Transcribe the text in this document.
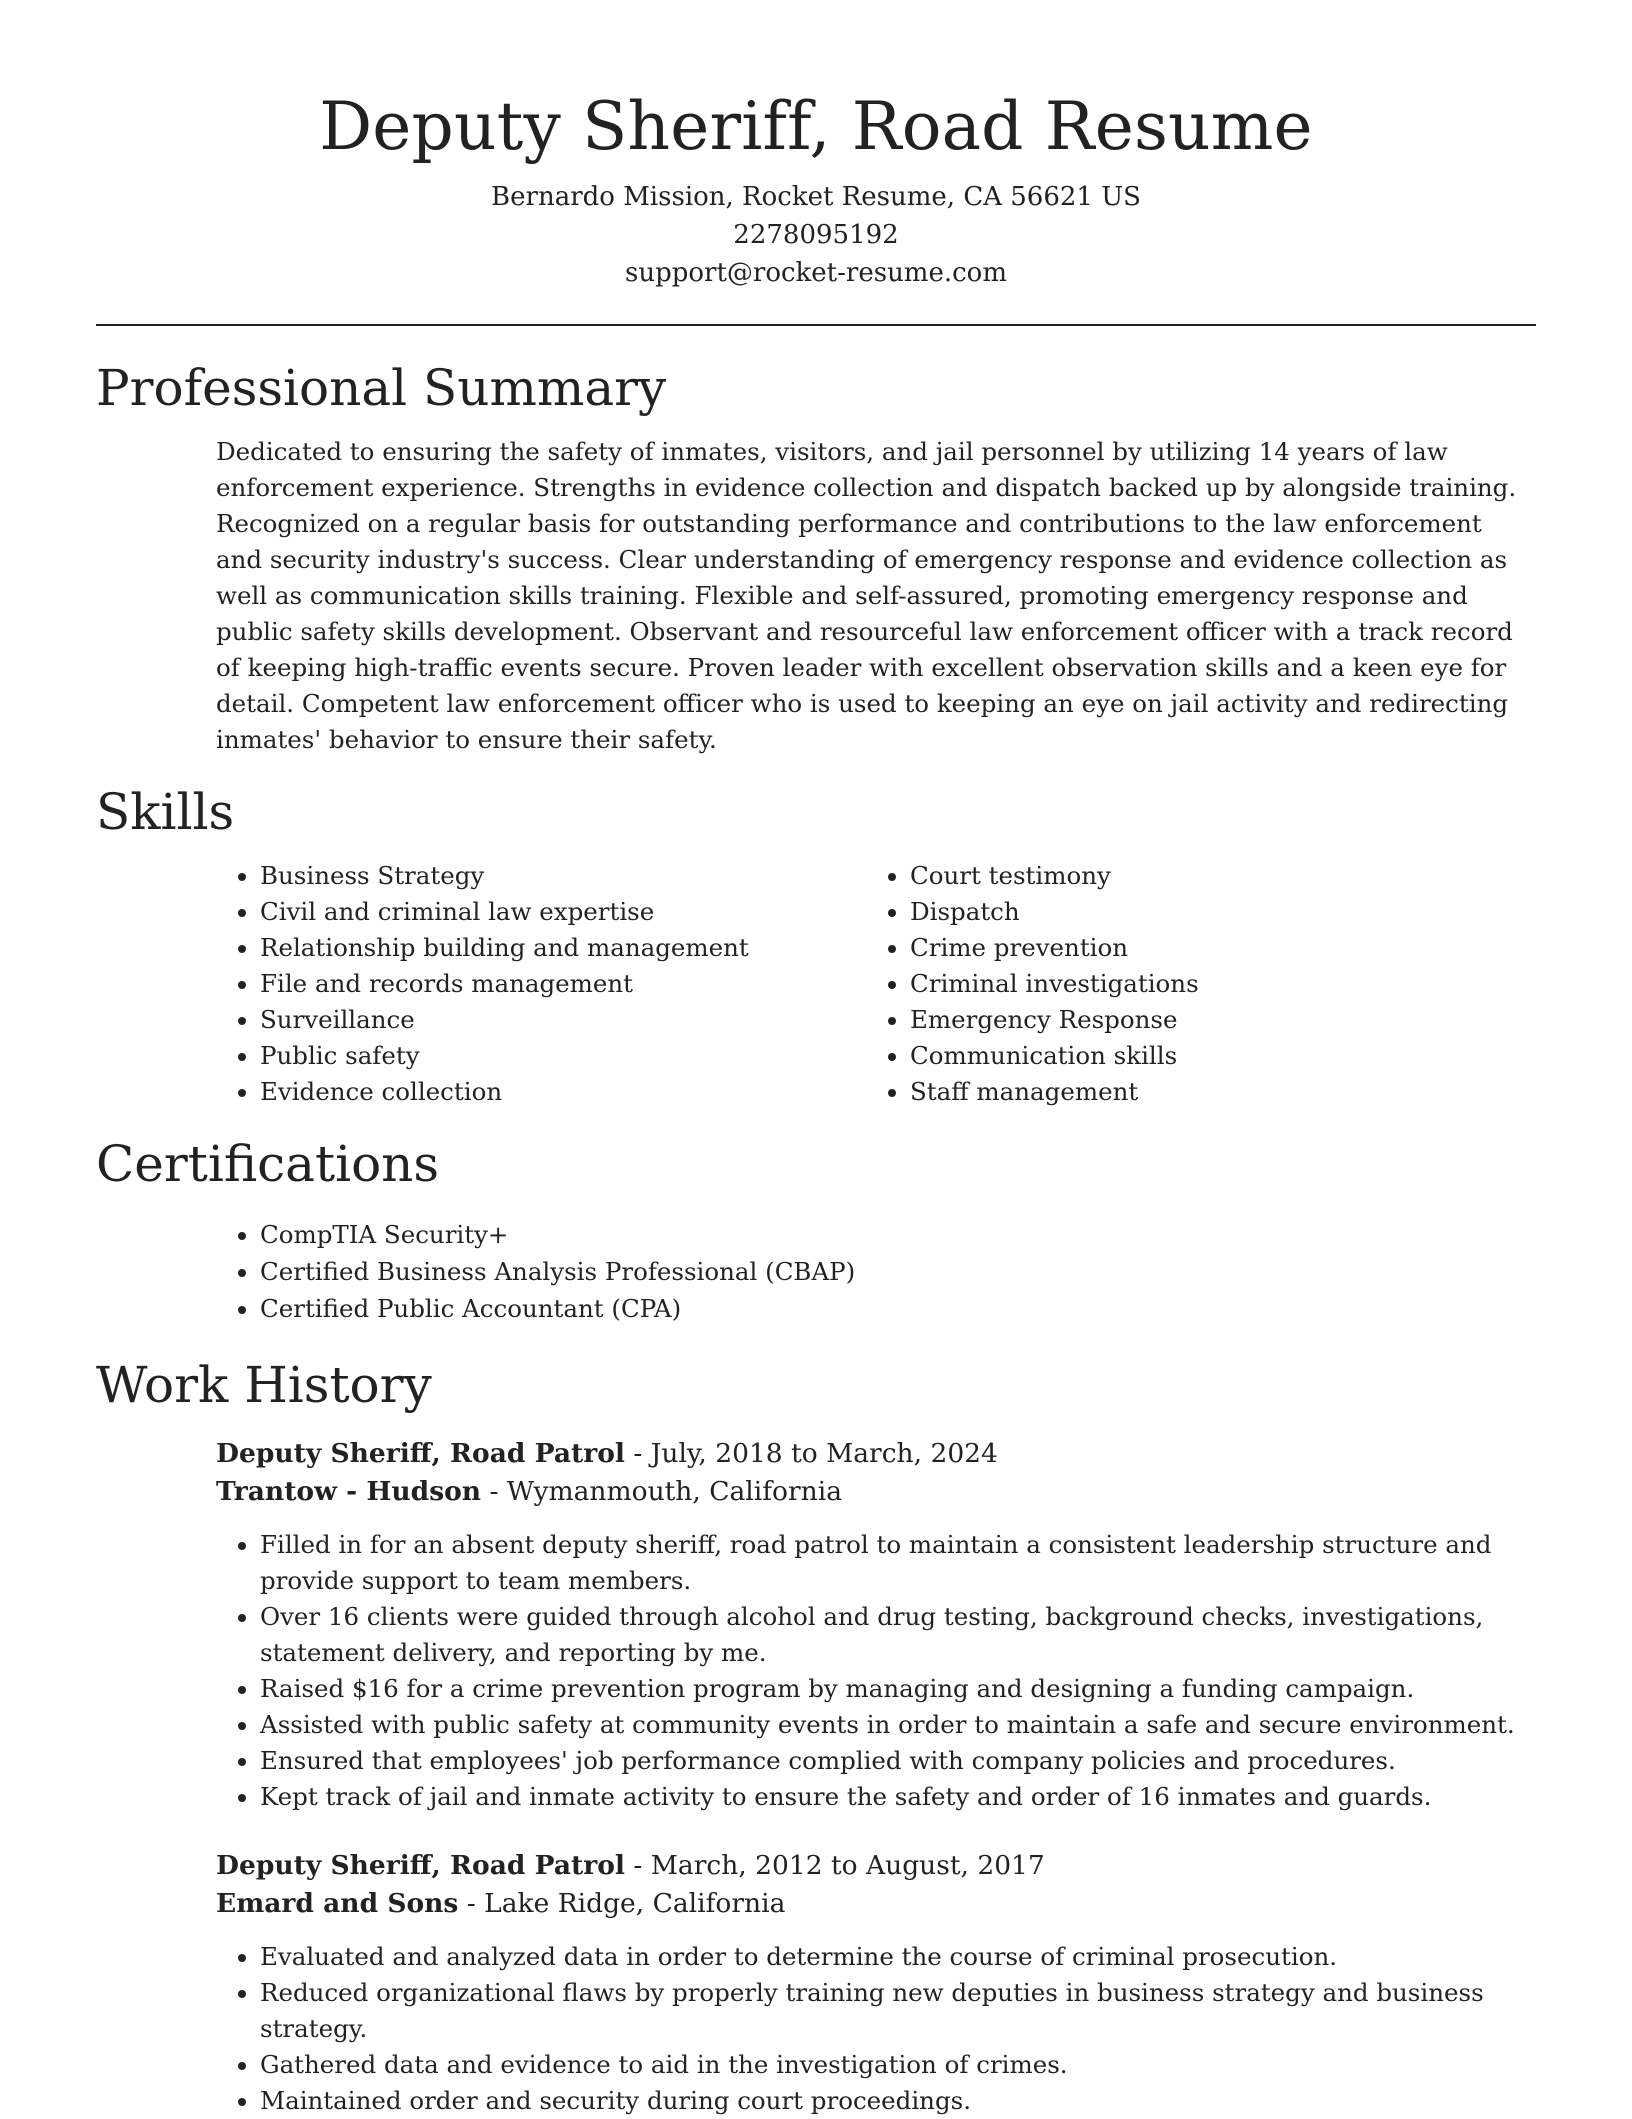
Deputy Sheriff, Road Resume
Bernardo Mission, Rocket Resume, CA 56621 US
2278095192
support@rocket-resume.com
Professional Summary

Dedicated to ensuring the safety of inmates, visitors, and jail personnel by utilizing 14 years of law enforcement experience. Strengths in evidence collection and dispatch backed up by alongside training. Recognized on a regular basis for outstanding performance and contributions to the law enforcement and security industry's success. Clear understanding of emergency response and evidence collection as well as communication skills training. Flexible and self-assured, promoting emergency response and public safety skills development. Observant and resourceful law enforcement officer with a track record of keeping high-traffic events secure. Proven leader with excellent observation skills and a keen eye for detail. Competent law enforcement officer who is used to keeping an eye on jail activity and redirecting inmates' behavior to ensure their safety.

Skills
• Business Strategy
• Civil and criminal law expertise
• Relationship building and management
• File and records management
• Surveillance
• Public safety
• Evidence collection
• Court testimony
• Dispatch
• Crime prevention
• Criminal investigations
• Emergency Response
• Communication skills
• Staff management
Certifications
• CompTIA Security+
• Certified Business Analysis Professional (CBAP)
• Certified Public Accountant (CPA)
Work History
Deputy Sheriff, Road Patrol - July, 2018 to March, 2024
Trantow - Hudson - Wymanmouth, California
• Filled in for an absent deputy sheriff, road patrol to maintain a consistent leadership structure and provide support to team members.
• Over 16 clients were guided through alcohol and drug testing, background checks, investigations, statement delivery, and reporting by me.
• Raised $16 for a crime prevention program by managing and designing a funding campaign.
• Assisted with public safety at community events in order to maintain a safe and secure environment.
• Ensured that employees' job performance complied with company policies and procedures.
• Kept track of jail and inmate activity to ensure the safety and order of 16 inmates and guards.
Deputy Sheriff, Road Patrol - March, 2012 to August, 2017
Emard and Sons - Lake Ridge, California
• Evaluated and analyzed data in order to determine the course of criminal prosecution.
• Reduced organizational flaws by properly training new deputies in business strategy and business strategy.
• Gathered data and evidence to aid in the investigation of crimes.
• Maintained order and security during court proceedings.
